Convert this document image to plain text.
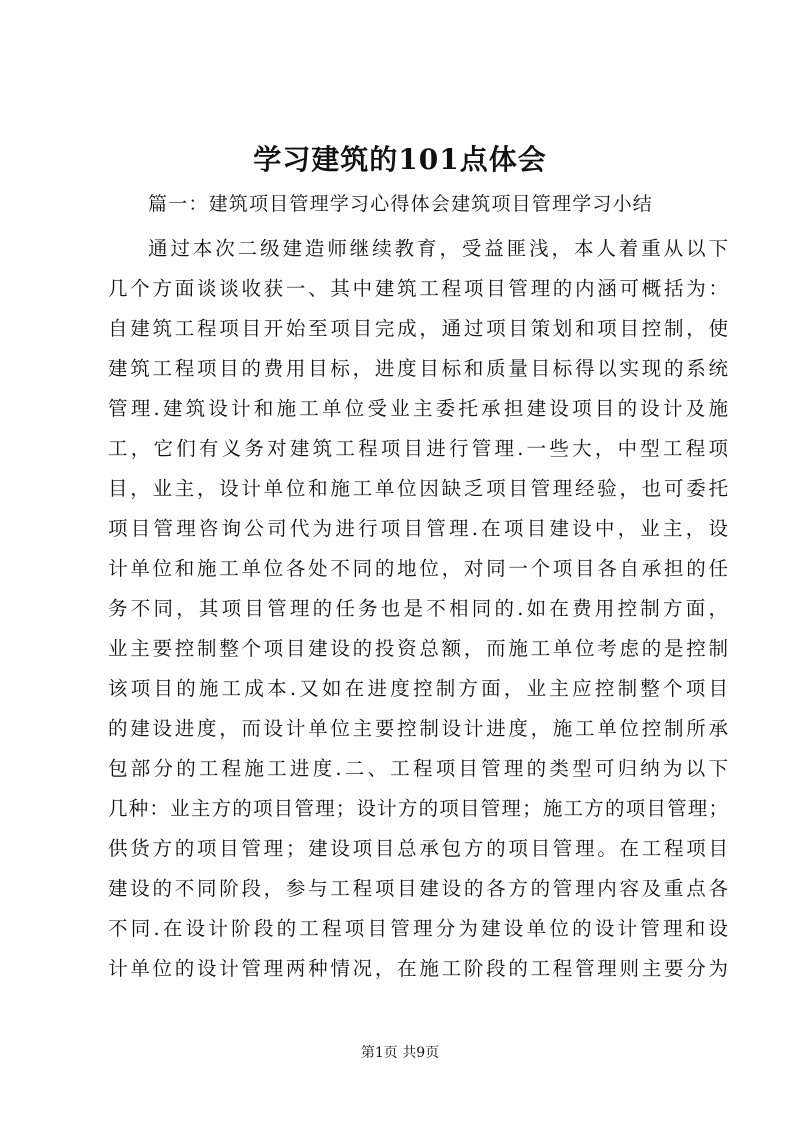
学习建筑的101点体会
篇一：建筑项目管理学习心得体会建筑项目管理学习小结
通过本次二级建造师继续教育，受益匪浅，本人着重从以下
几个方面谈谈收获一、其中建筑工程项目管理的内涵可概括为：
自建筑工程项目开始至项目完成，通过项目策划和项目控制，使
建筑工程项目的费用目标，进度目标和质量目标得以实现的系统
管理.建筑设计和施工单位受业主委托承担建设项目的设计及施
工，它们有义务对建筑工程项目进行管理.一些大，中型工程项
目，业主，设计单位和施工单位因缺乏项目管理经验，也可委托
项目管理咨询公司代为进行项目管理.在项目建设中，业主，设
计单位和施工单位各处不同的地位，对同一个项目各自承担的任
务不同，其项目管理的任务也是不相同的.如在费用控制方面，
业主要控制整个项目建设的投资总额，而施工单位考虑的是控制
该项目的施工成本.又如在进度控制方面，业主应控制整个项目
的建设进度，而设计单位主要控制设计进度，施工单位控制所承
包部分的工程施工进度.二、工程项目管理的类型可归纳为以下
几种：业主方的项目管理；设计方的项目管理；施工方的项目管理；
供货方的项目管理；建设项目总承包方的项目管理。在工程项目
建设的不同阶段，参与工程项目建设的各方的管理内容及重点各
不同.在设计阶段的工程项目管理分为建设单位的设计管理和设
计单位的设计管理两种情况，在施工阶段的工程管理则主要分为
第1页 共9页
